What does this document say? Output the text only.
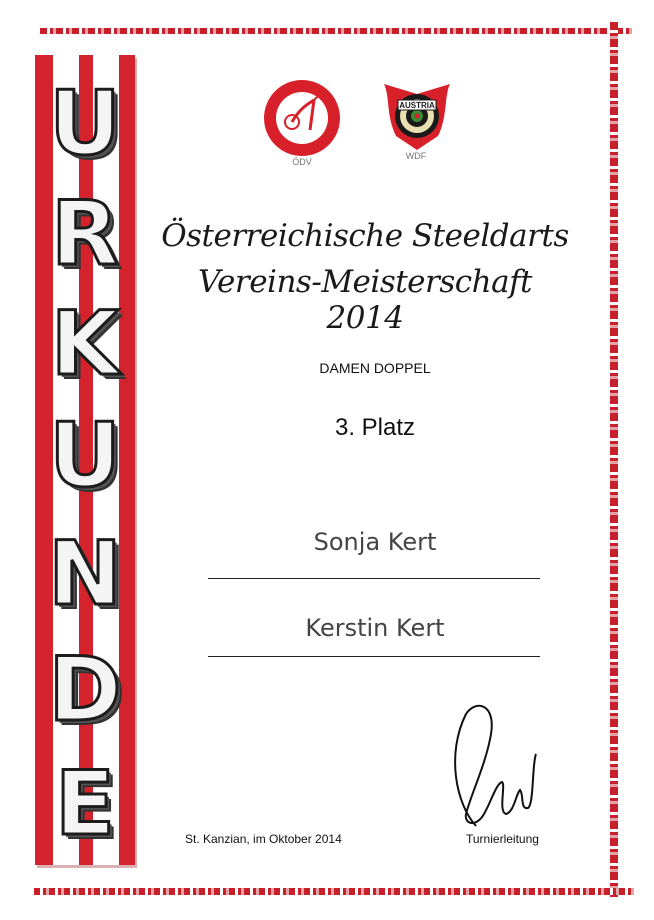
U
R
K
U
N
D
E
ÖDV
AUSTRIA
WDF
Österreichische Steeldarts
Vereins-Meisterschaft 2014
DAMEN DOPPEL
3. Platz
Sonja Kert
Kerstin Kert
St. Kanzian, im Oktober 2014	Turnierleitung
